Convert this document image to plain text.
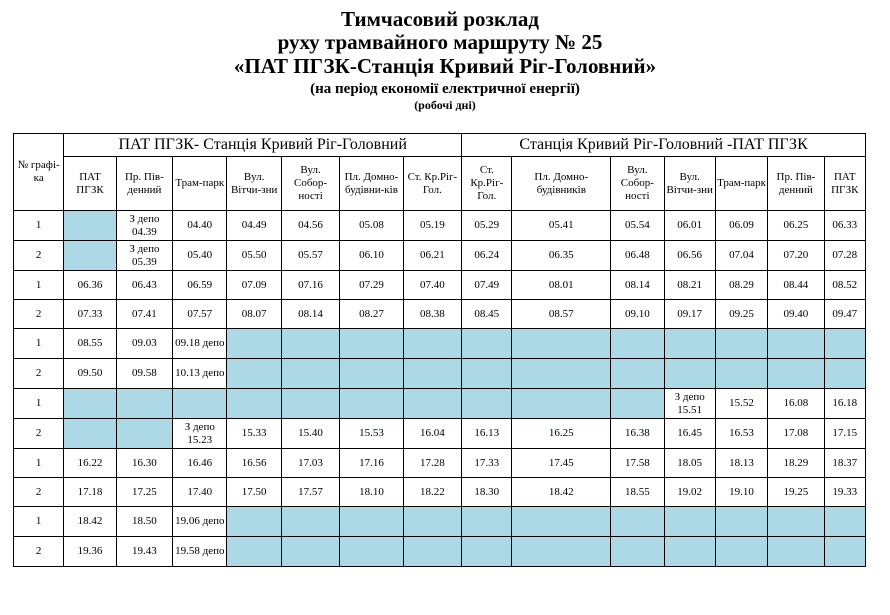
Тимчасовий розклад
руху трамвайного маршруту № 25
«ПАТ ПГЗК-Станція Кривий Ріг-Головний»
(на період економії електричної енергії)
(робочі дні)
№ графі-ка	ПАТ ПГЗК- Станція Кривий Ріг-Головний							Станція Кривий Ріг-Головний -ПАТ ПГЗК						
	ПАТ ПГЗК	Пр. Пів-денний	Трам-парк	Вул. Вітчи-зни	Вул. Собор-ності	Пл. Домно-будівни-ків	Ст. Кр.Ріг-Гол.	Ст. Кр.Ріг-Гол.	Пл. Домно-будівників	Вул. Собор-ності	Вул. Вітчи-зни	Трам-парк	Пр. Пів-денний	ПАТ ПГЗК
1		З депо 04.39	04.40	04.49	04.56	05.08	05.19	05.29	05.41	05.54	06.01	06.09	06.25	06.33
2		З депо 05.39	05.40	05.50	05.57	06.10	06.21	06.24	06.35	06.48	06.56	07.04	07.20	07.28
1	06.36	06.43	06.59	07.09	07.16	07.29	07.40	07.49	08.01	08.14	08.21	08.29	08.44	08.52
2	07.33	07.41	07.57	08.07	08.14	08.27	08.38	08.45	08.57	09.10	09.17	09.25	09.40	09.47
1	08.55	09.03	09.18 депо											
2	09.50	09.58	10.13 депо											
1											З депо 15.51	15.52	16.08	16.18
2			З депо 15.23	15.33	15.40	15.53	16.04	16.13	16.25	16.38	16.45	16.53	17.08	17.15
1	16.22	16.30	16.46	16.56	17.03	17.16	17.28	17.33	17.45	17.58	18.05	18.13	18.29	18.37
2	17.18	17.25	17.40	17.50	17.57	18.10	18.22	18.30	18.42	18.55	19.02	19.10	19.25	19.33
1	18.42	18.50	19.06 депо											
2	19.36	19.43	19.58 депо											
